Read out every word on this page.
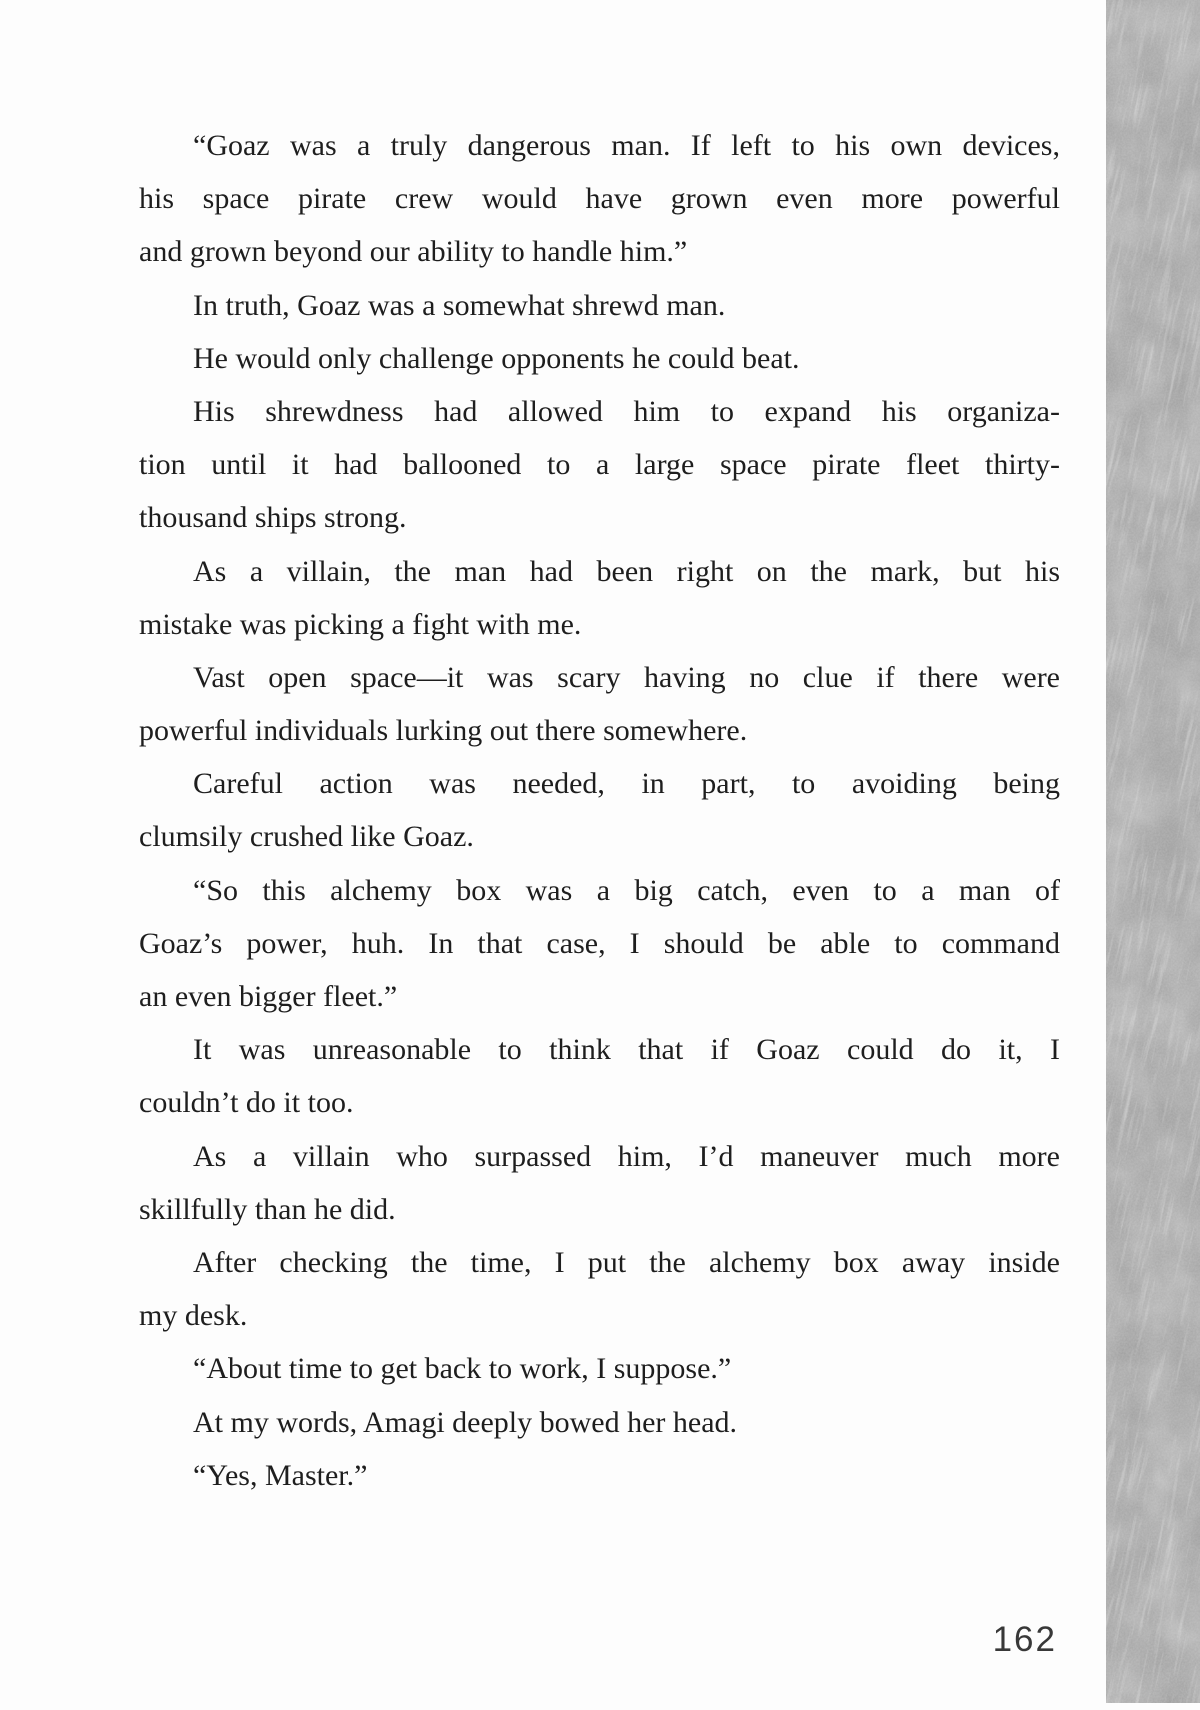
“Goaz was a truly dangerous man. If left to his own devices,
his space pirate crew would have grown even more powerful
and grown beyond our ability to handle him.”
In truth, Goaz was a somewhat shrewd man.
He would only challenge opponents he could beat.
His shrewdness had allowed him to expand his organiza-
tion until it had ballooned to a large space pirate fleet thirty-
thousand ships strong.
As a villain, the man had been right on the mark, but his
mistake was picking a fight with me.
Vast open space—it was scary having no clue if there were
powerful individuals lurking out there somewhere.
Careful action was needed, in part, to avoiding being
clumsily crushed like Goaz.
“So this alchemy box was a big catch, even to a man of
Goaz’s power, huh. In that case, I should be able to command
an even bigger fleet.”
It was unreasonable to think that if Goaz could do it, I
couldn’t do it too.
As a villain who surpassed him, I’d maneuver much more
skillfully than he did.
After checking the time, I put the alchemy box away inside
my desk.
“About time to get back to work, I suppose.”
At my words, Amagi deeply bowed her head.
“Yes, Master.”
162
